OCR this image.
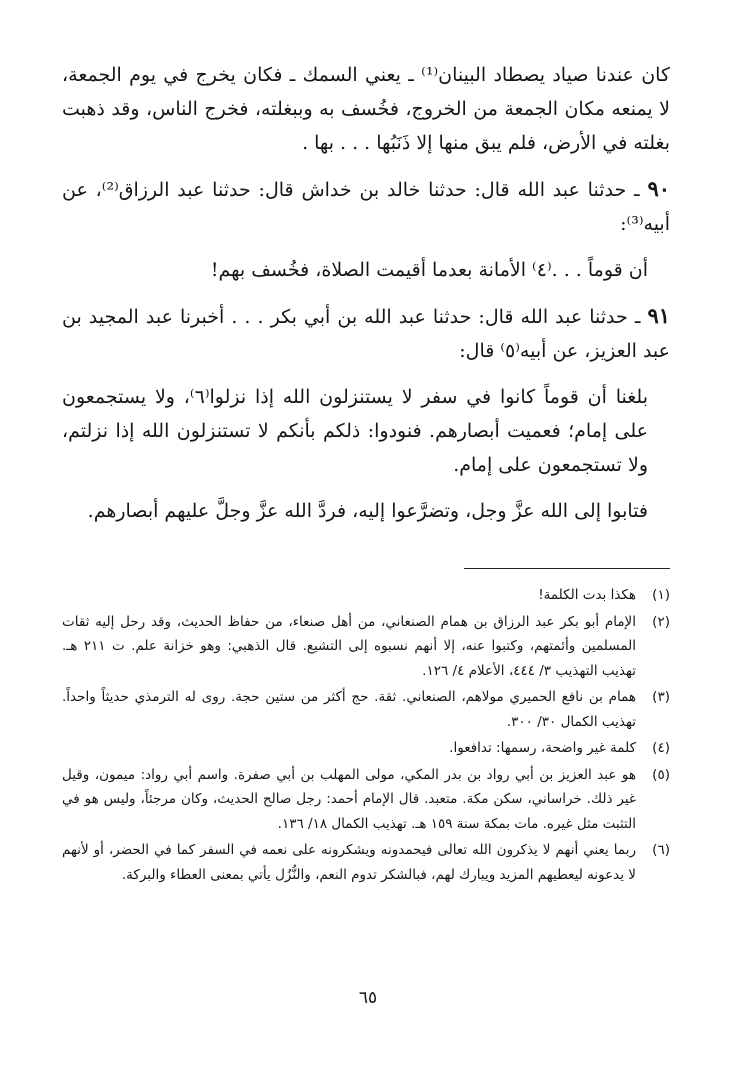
كان عندنا صياد يصطاد البينان⁽¹⁾ ـ يعني السمك ـ فكان يخرج في يوم الجمعة، لا يمنعه مكان الجمعة من الخروج، فخُسف به وببغلته، فخرج الناس، وقد ذهبت بغلته في الأرض، فلم يبق منها إلا ذَنَبُها . . . بها .

٩٠ ـ حدثنا عبد الله قال: حدثنا خالد بن خداش قال: حدثنا عبد الرزاق⁽²⁾، عن أبيه⁽³⁾:

أن قوماً . . .⁽٤⁾ الأمانة بعدما أقيمت الصلاة، فخُسف بهم!

٩١ ـ حدثنا عبد الله قال: حدثنا عبد الله بن أبي بكر . . . أخبرنا عبد المجيد بن عبد العزيز، عن أبيه⁽٥⁾ قال:

بلغنا أن قوماً كانوا في سفر لا يستنزلون الله إذا نزلوا⁽٦⁾، ولا يستجمعون على إمام؛ فعميت أبصارهم. فنودوا: ذلكم بأنكم لا تستنزلون الله إذا نزلتم، ولا تستجمعون على إمام.

فتابوا إلى الله عزَّ وجل، وتضرَّعوا إليه، فردَّ الله عزَّ وجلَّ عليهم أبصارهم.

(١)
هكذا بدت الكلمة!
(٢)
الإمام أبو بكر عبد الرزاق بن همام الصنعاني، من أهل صنعاء، من حفاظ الحديث، وقد رحل إليه ثقات المسلمين وأئمتهم، وكتبوا عنه، إلا أنهم نسبوه إلى التشيع. قال الذهبي: وهو خزانة علم. ت ٢١١ هـ. تهذيب التهذيب ٣/ ٤٤٤، الأعلام ٤/ ١٢٦.
(٣)
همام بن نافع الحميري مولاهم، الصنعاني. ثقة. حج أكثر من ستين حجة. روى له الترمذي حديثاً واحداً. تهذيب الكمال ٣٠/ ٣٠٠.
(٤)
كلمة غير واضحة، رسمها: تدافعوا.
(٥)
هو عبد العزيز بن أبي رواد بن بدر المكي، مولى المهلب بن أبي صفرة. واسم أبي رواد: ميمون، وقيل غير ذلك. خراساني، سكن مكة. متعبد. قال الإمام أحمد: رجل صالح الحديث، وكان مرجئاً، وليس هو في التثبت مثل غيره. مات بمكة سنة ١٥٩ هـ. تهذيب الكمال ١٨/ ١٣٦.
(٦)
ربما يعني أنهم لا يذكرون الله تعالى فيحمدونه ويشكرونه على نعمه في السفر كما في الحضر، أو لأنهم لا يدعونه ليعطيهم المزيد ويبارك لهم، فبالشكر تدوم النعم، والنُّزُل يأتي بمعنى العطاء والبركة.
٦٥
